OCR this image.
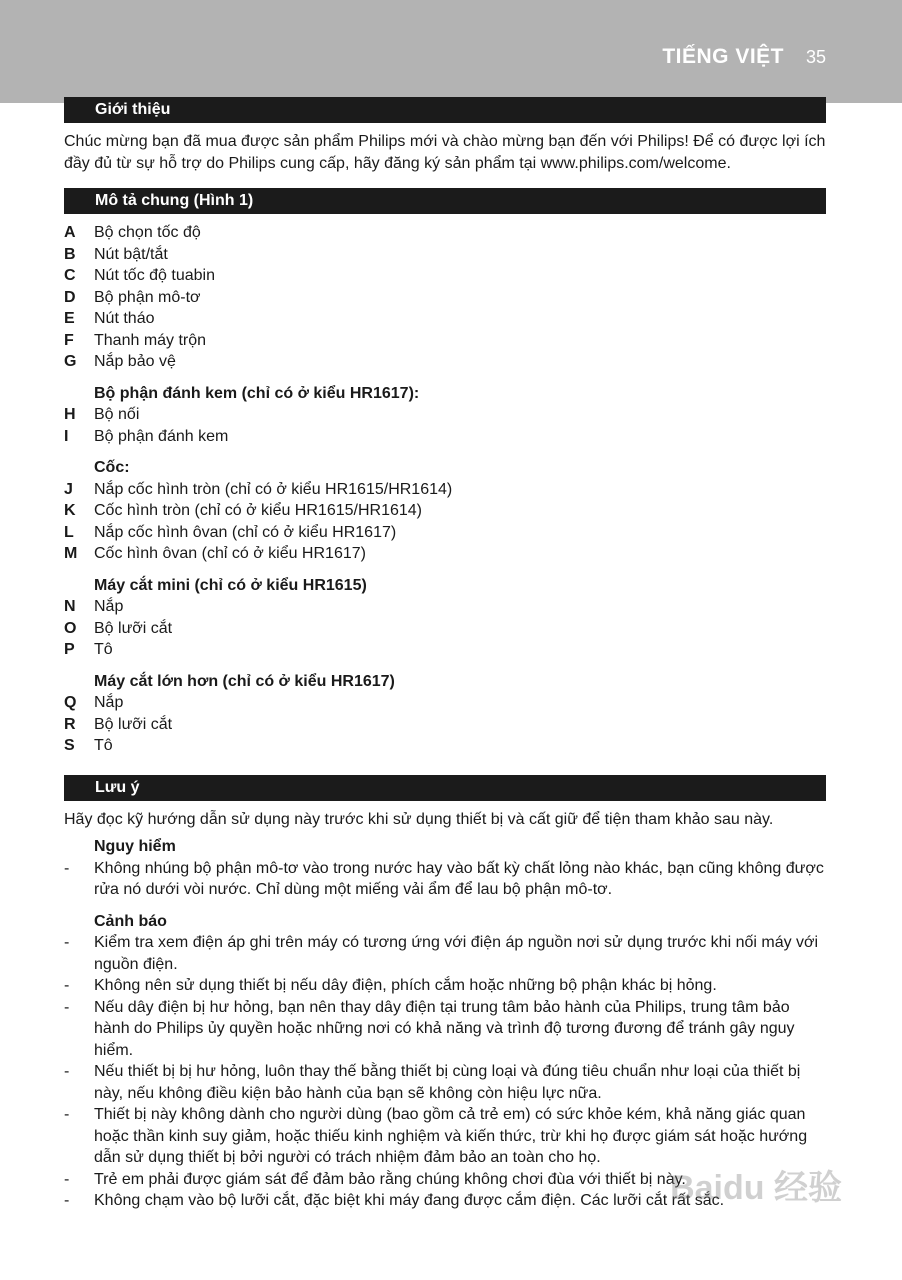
TIẾNG VIỆT 35
Giới thiệu

Chúc mừng bạn đã mua được sản phẩm Philips mới và chào mừng bạn đến với Philips! Để có được lợi ích đầy đủ từ sự hỗ trợ do Philips cung cấp, hãy đăng ký sản phẩm tại www.philips.com/welcome.

Mô tả chung (Hình 1)
A	Bộ chọn tốc độ
B	Nút bật/tắt
C	Nút tốc độ tuabin
D	Bộ phận mô-tơ
E	Nút tháo
F	Thanh máy trộn
G	Nắp bảo vệ
Bộ phận đánh kem (chỉ có ở kiểu HR1617):
H	Bộ nối
I	Bộ phận đánh kem
Cốc:
J	Nắp cốc hình tròn (chỉ có ở kiểu HR1615/HR1614)
K	Cốc hình tròn (chỉ có ở kiểu HR1615/HR1614)
L	Nắp cốc hình ôvan (chỉ có ở kiểu HR1617)
M	Cốc hình ôvan (chỉ có ở kiểu HR1617)
Máy cắt mini (chỉ có ở kiểu HR1615)
N	Nắp
O	Bộ lưỡi cắt
P	Tô
Máy cắt lớn hơn (chỉ có ở kiểu HR1617)
Q	Nắp
R	Bộ lưỡi cắt
S	Tô
Lưu ý

Hãy đọc kỹ hướng dẫn sử dụng này trước khi sử dụng thiết bị và cất giữ để tiện tham khảo sau này.

Nguy hiểm
-	Không nhúng bộ phận mô-tơ vào trong nước hay vào bất kỳ chất lỏng nào khác, bạn cũng không được rửa nó dưới vòi nước. Chỉ dùng một miếng vải ẩm để lau bộ phận mô-tơ.
Cảnh báo
-	Kiểm tra xem điện áp ghi trên máy có tương ứng với điện áp nguồn nơi sử dụng trước khi nối máy với nguồn điện.
-	Không nên sử dụng thiết bị nếu dây điện, phích cắm hoặc những bộ phận khác bị hỏng.
-	Nếu dây điện bị hư hỏng, bạn nên thay dây điện tại trung tâm bảo hành của Philips, trung tâm bảo hành do Philips ủy quyền hoặc những nơi có khả năng và trình độ tương đương để tránh gây nguy hiểm.
-	Nếu thiết bị bị hư hỏng, luôn thay thế bằng thiết bị cùng loại và đúng tiêu chuẩn như loại của thiết bị này, nếu không điều kiện bảo hành của bạn sẽ không còn hiệu lực nữa.
-	Thiết bị này không dành cho người dùng (bao gồm cả trẻ em) có sức khỏe kém, khả năng giác quan hoặc thần kinh suy giảm, hoặc thiếu kinh nghiệm và kiến thức, trừ khi họ được giám sát hoặc hướng dẫn sử dụng thiết bị bởi người có trách nhiệm đảm bảo an toàn cho họ.
-	Trẻ em phải được giám sát để đảm bảo rằng chúng không chơi đùa với thiết bị này.
-	Không chạm vào bộ lưỡi cắt, đặc biệt khi máy đang được cắm điện. Các lưỡi cắt rất sắc.
Baidu 经验
